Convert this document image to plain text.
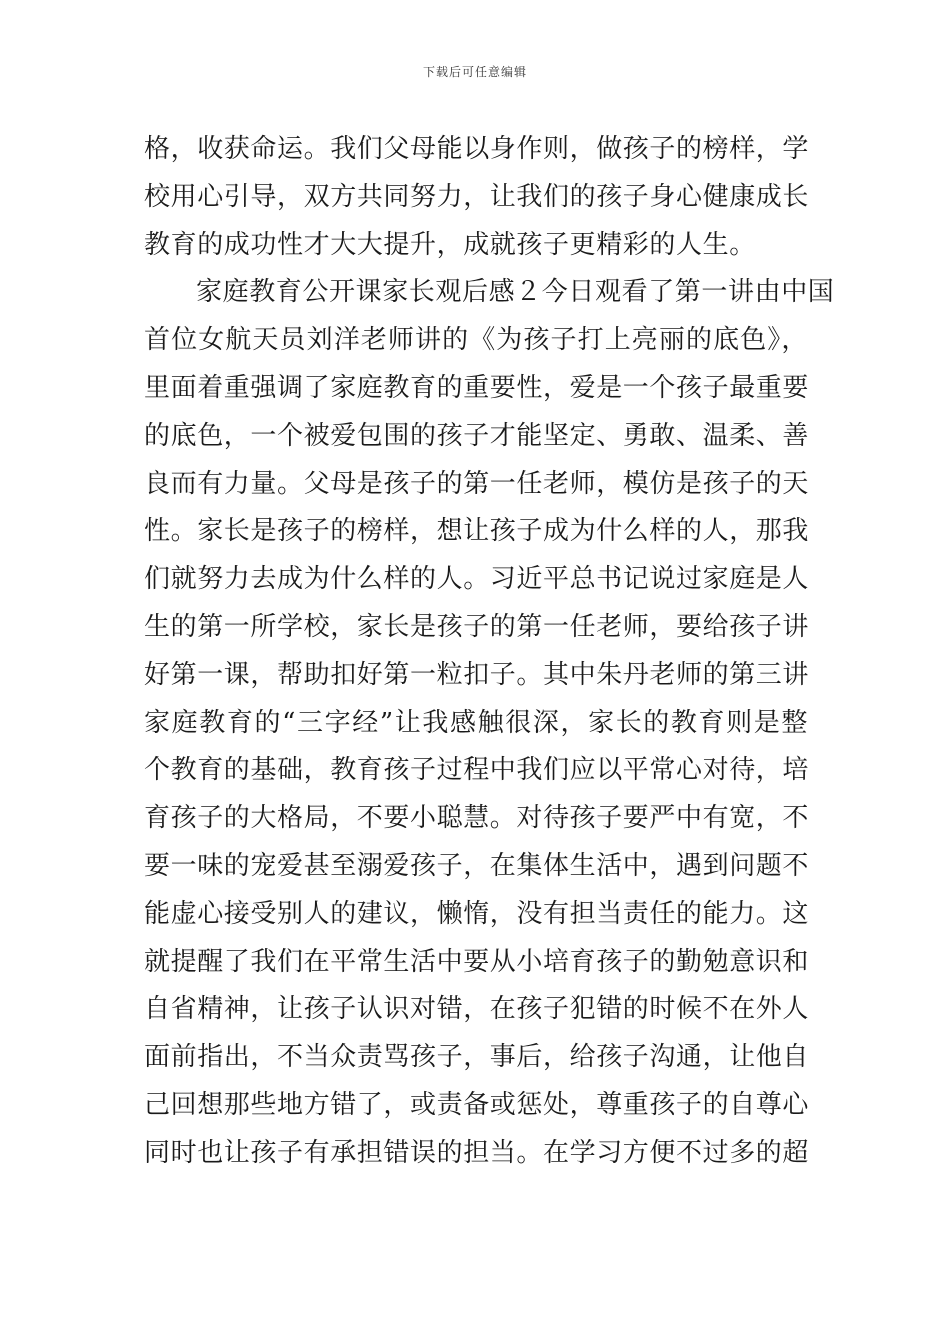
下载后可任意编辑
格，收获命运。我们父母能以身作则，做孩子的榜样，学
校用心引导，双方共同努力，让我们的孩子身心健康成长
教育的成功性才大大提升，成就孩子更精彩的人生。
家庭教育公开课家长观后感２今日观看了第一讲由中国
首位女航天员刘洋老师讲的《为孩子打上亮丽的底色》，
里面着重强调了家庭教育的重要性，爱是一个孩子最重要
的底色，一个被爱包围的孩子才能坚定、勇敢、温柔、善
良而有力量。父母是孩子的第一任老师，模仿是孩子的天
性。家长是孩子的榜样，想让孩子成为什么样的人，那我
们就努力去成为什么样的人。习近平总书记说过家庭是人
生的第一所学校，家长是孩子的第一任老师，要给孩子讲
好第一课，帮助扣好第一粒扣子。其中朱丹老师的第三讲
家庭教育的“三字经”让我感触很深，家长的教育则是整
个教育的基础，教育孩子过程中我们应以平常心对待，培
育孩子的大格局，不要小聪慧。对待孩子要严中有宽，不
要一味的宠爱甚至溺爱孩子，在集体生活中，遇到问题不
能虚心接受别人的建议，懒惰，没有担当责任的能力。这
就提醒了我们在平常生活中要从小培育孩子的勤勉意识和
自省精神，让孩子认识对错，在孩子犯错的时候不在外人
面前指出，不当众责骂孩子，事后，给孩子沟通，让他自
己回想那些地方错了，或责备或惩处，尊重孩子的自尊心
同时也让孩子有承担错误的担当。在学习方便不过多的超
